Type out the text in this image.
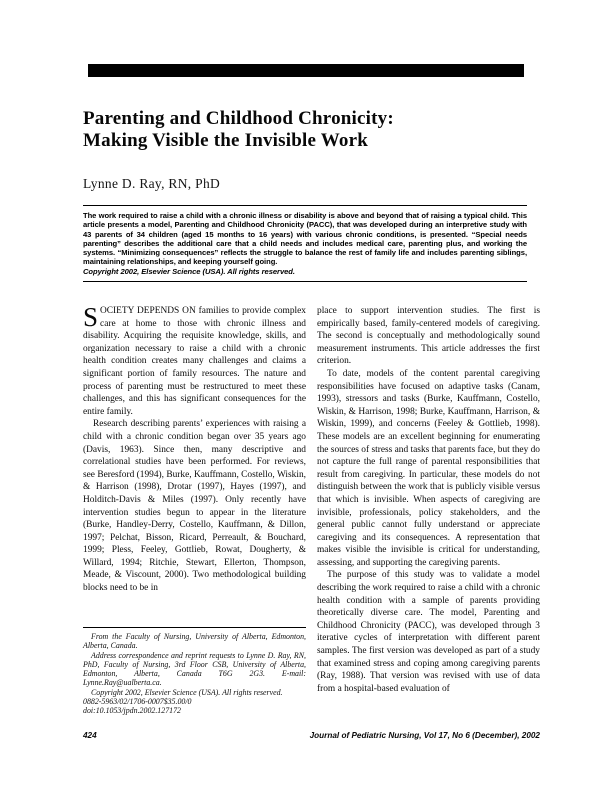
Parenting and Childhood Chronicity:
Making Visible the Invisible Work
Lynne D. Ray, RN, PhD
The work required to raise a child with a chronic illness or disability is above and beyond that of raising a typical child. This article presents a model, Parenting and Childhood Chronicity (PACC), that was developed during an interpretive study with 43 parents of 34 children (aged 15 months to 16 years) with various chronic conditions, is presented. “Special needs parenting” describes the additional care that a child needs and includes medical care, parenting plus, and working the systems. “Minimizing consequences” reflects the struggle to balance the rest of family life and includes parenting siblings, maintaining relationships, and keeping yourself going.
Copyright 2002, Elsevier Science (USA). All rights reserved.

SOCIETY DEPENDS ON families to provide complex care at home to those with chronic illness and disability. Acquiring the requisite knowledge, skills, and organization necessary to raise a child with a chronic health condition creates many challenges and claims a significant portion of family resources. The nature and process of parenting must be restructured to meet these challenges, and this has significant consequences for the entire family.

Research describing parents’ experiences with raising a child with a chronic condition began over 35 years ago (Davis, 1963). Since then, many descriptive and correlational studies have been performed. For reviews, see Beresford (1994), Burke, Kauffmann, Costello, Wiskin, & Harrison (1998), Drotar (1997), Hayes (1997), and Holditch-Davis & Miles (1997). Only recently have intervention studies begun to appear in the literature (Burke, Handley-Derry, Costello, Kauffmann, & Dillon, 1997; Pelchat, Bisson, Ricard, Perreault, & Bouchard, 1999; Pless, Feeley, Gottlieb, Rowat, Dougherty, & Willard, 1994; Ritchie, Stewart, Ellerton, Thompson, Meade, & Viscount, 2000). Two methodological building blocks need to be in

place to support intervention studies. The first is empirically based, family-centered models of caregiving. The second is conceptually and methodologically sound measurement instruments. This article addresses the first criterion.

To date, models of the content parental caregiving responsibilities have focused on adaptive tasks (Canam, 1993), stressors and tasks (Burke, Kauffmann, Costello, Wiskin, & Harrison, 1998; Burke, Kauffmann, Harrison, & Wiskin, 1999), and concerns (Feeley & Gottlieb, 1998). These models are an excellent beginning for enumerating the sources of stress and tasks that parents face, but they do not capture the full range of parental responsibilities that result from caregiving. In particular, these models do not distinguish between the work that is publicly visible versus that which is invisible. When aspects of caregiving are invisible, professionals, policy stakeholders, and the general public cannot fully understand or appreciate caregiving and its consequences. A representation that makes visible the invisible is critical for understanding, assessing, and supporting the caregiving parents.

The purpose of this study was to validate a model describing the work required to raise a child with a chronic health condition with a sample of parents providing theoretically diverse care. The model, Parenting and Childhood Chronicity (PACC), was developed through 3 iterative cycles of interpretation with different parent samples. The first version was developed as part of a study that examined stress and coping among caregiving parents (Ray, 1988). That version was revised with use of data from a hospital-based evaluation of

From the Faculty of Nursing, University of Alberta, Edmonton, Alberta, Canada.

Address correspondence and reprint requests to Lynne D. Ray, RN, PhD, Faculty of Nursing, 3rd Floor CSB, University of Alberta, Edmonton, Alberta, Canada T6G 2G3. E-mail: Lynne.Ray@ualberta.ca.

Copyright 2002, Elsevier Science (USA). All rights reserved.

0882-5963/02/1706-0007$35.00/0

doi:10.1053/jpdn.2002.127172

424	Journal of Pediatric Nursing, Vol 17, No 6 (December), 2002
